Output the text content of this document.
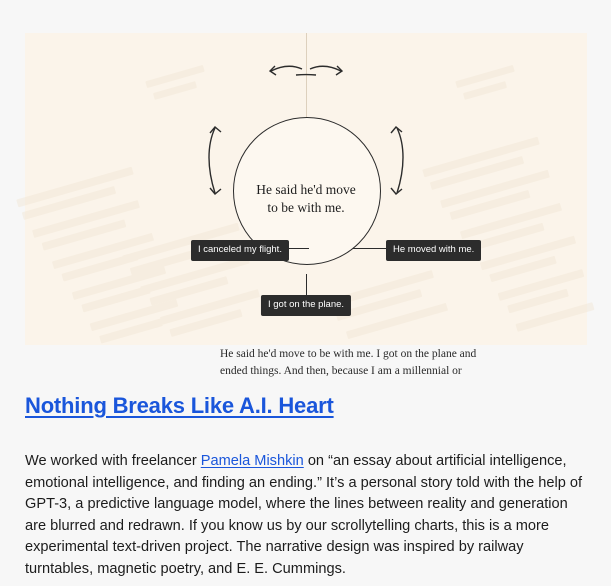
He said he'd move
to be with me.
I canceled my flight.	He moved with me.
I got on the plane.
He said he'd move to be with me. I got on the plane and
ended things. And then, because I am a millennial or
Nothing Breaks Like A.I. Heart

We worked with freelancer Pamela Mishkin on “an essay about artificial intelligence, emotional intelligence, and finding an ending.” It’s a personal story told with the help of GPT-3, a predictive language model, where the lines between reality and generation are blurred and redrawn. If you know us by our scrollytelling charts, this is a more experimental text-driven project. The narrative design was inspired by railway turntables, magnetic poetry, and E. E. Cummings.
